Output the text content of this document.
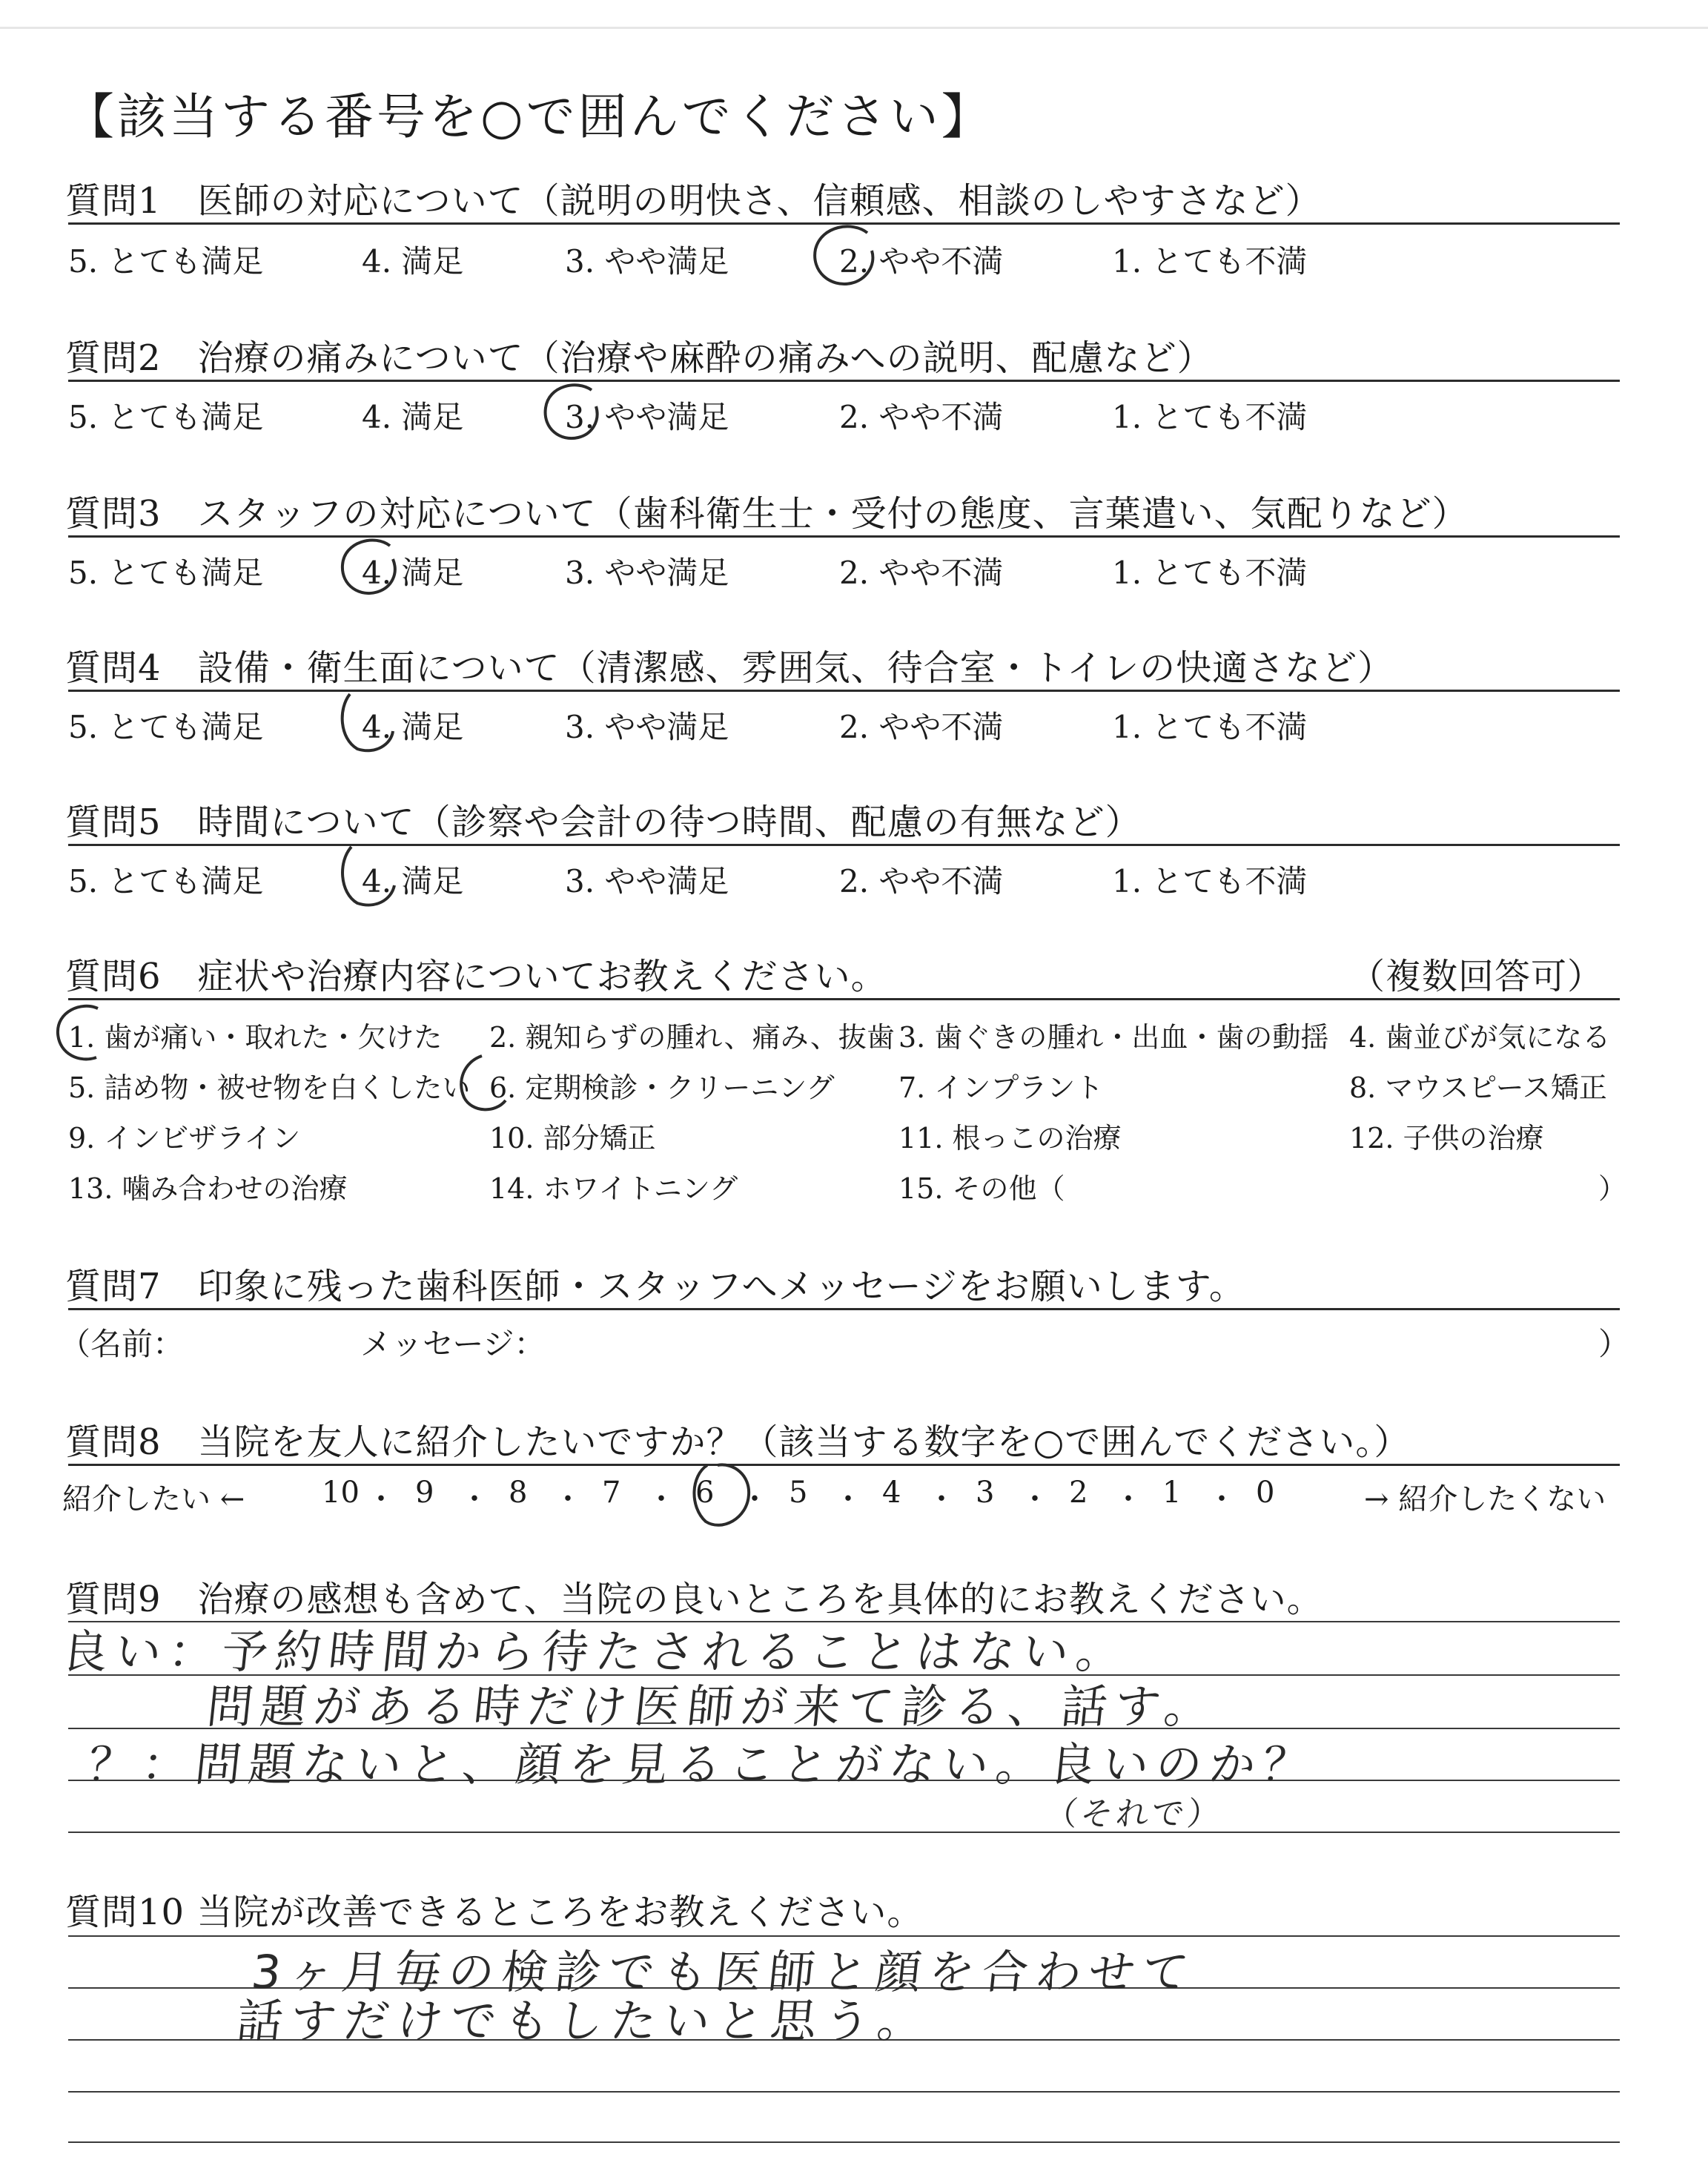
【該当する番号を○で囲んでください】
質問1　医師の対応について（説明の明快さ、信頼感、相談のしやすさなど）
5. とても満足	4. 満足	3. やや満足	2. やや不満	1. とても不満
質問2　治療の痛みについて（治療や麻酔の痛みへの説明、配慮など）
5. とても満足	4. 満足	3. やや満足	2. やや不満	1. とても不満
質問3　スタッフの対応について（歯科衛生士・受付の態度、言葉遣い、気配りなど）
5. とても満足	4. 満足	3. やや満足	2. やや不満	1. とても不満
質問4　設備・衛生面について（清潔感、雰囲気、待合室・トイレの快適さなど）
5. とても満足	4. 満足	3. やや満足	2. やや不満	1. とても不満
質問5　時間について（診察や会計の待つ時間、配慮の有無など）
5. とても満足	4. 満足	3. やや満足	2. やや不満	1. とても不満
質問6　症状や治療内容についてお教えください。	（複数回答可）
1. 歯が痛い・取れた・欠けた 2. 親知らずの腫れ、痛み、抜歯 3. 歯ぐきの腫れ・出血・歯の動揺 4. 歯並びが気になる
5. 詰め物・被せ物を白くしたい 6. 定期検診・クリーニング 7. インプラント	8. マウスピース矯正
9. インビザライン	10. 部分矯正	11. 根っこの治療	12. 子供の治療
13. 噛み合わせの治療	14. ホワイトニング	15. その他（	）
質問7　印象に残った歯科医師・スタッフへメッセージをお願いします。
（名前：	メッセージ：	）
質問8　当院を友人に紹介したいですか？（該当する数字を○で囲んでください。）
紹介したい ←	→ 紹介したくない
10 ・ 9 ・ 8 ・ 7 ・ 6 ・ 5 ・ 4 ・ 3 ・ 2 ・ 1 ・ 0
質問9　治療の感想も含めて、当院の良いところを具体的にお教えください。
良い：予約時間から待たされることはない。
問題がある時だけ医師が来て診る、話す。
？：問題ないと、顔を見ることがない。良いのか？
（それで）
質問10 当院が改善できるところをお教えください。
3ヶ月毎の検診でも医師と顔を合わせて
話すだけでもしたいと思う。
